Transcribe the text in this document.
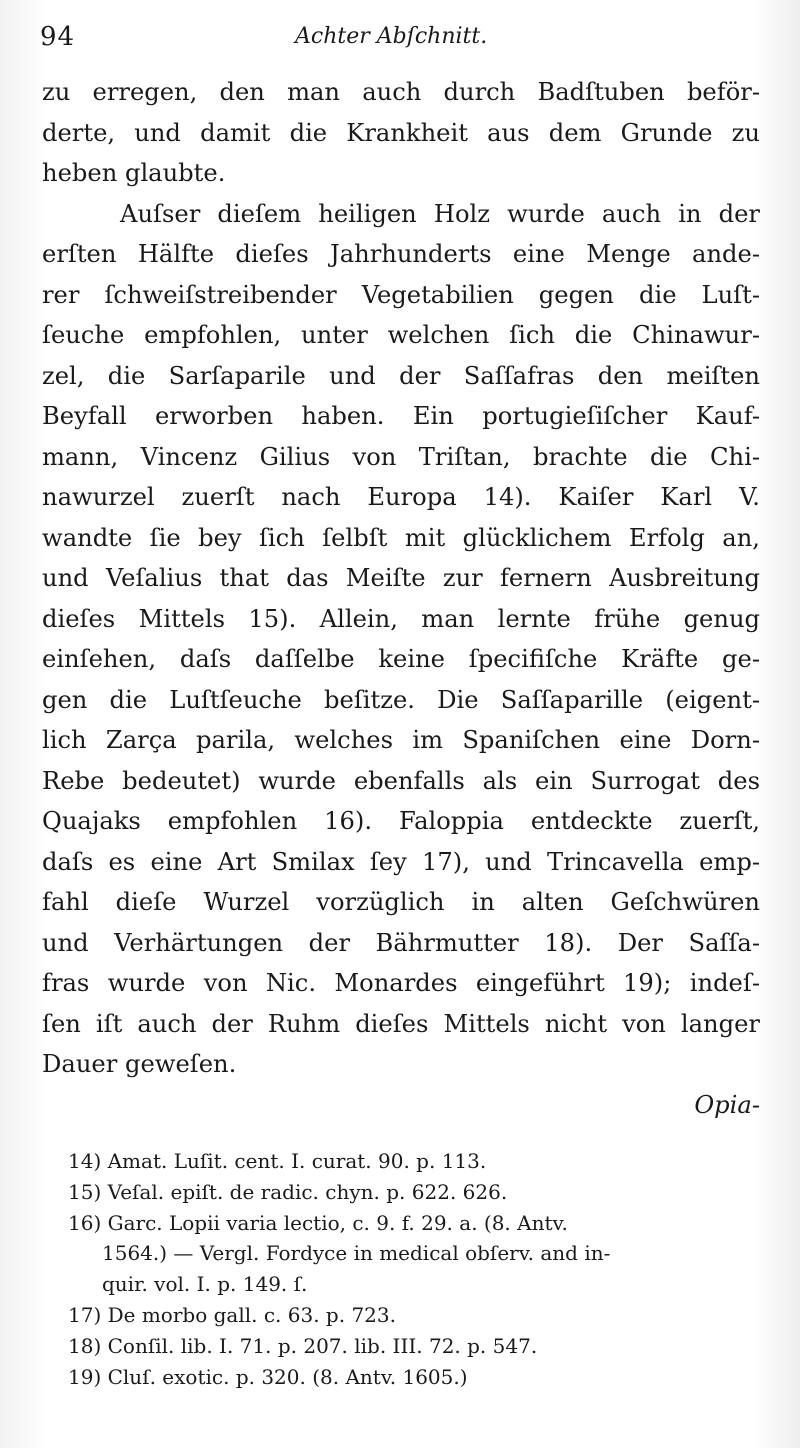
94	Achter Abſchnitt.
zu erregen, den man auch durch Badſtuben beför-
derte, und damit die Krankheit aus dem Grunde zu
heben glaubte.
Auſser dieſem heiligen Holz wurde auch in der
erſten Hälfte dieſes Jahrhunderts eine Menge ande-
rer ſchweiſstreibender Vegetabilien gegen die Luſt-
ſeuche empfohlen, unter welchen ſich die Chinawur-
zel, die Sarſaparile und der Saſſafras den meiſten
Beyfall erworben haben. Ein portugieſiſcher Kauf-
mann, Vincenz Gilius von Triſtan, brachte die Chi-
nawurzel zuerſt nach Europa 14). Kaiſer Karl V.
wandte ſie bey ſich ſelbſt mit glücklichem Erfolg an,
und Veſalius that das Meiſte zur fernern Ausbreitung
dieſes Mittels 15). Allein, man lernte frühe genug
einſehen, daſs daſſelbe keine ſpecifiſche Kräfte ge-
gen die Luſtſeuche beſitze. Die Saſſaparille (eigent-
lich Zarça parila, welches im Spaniſchen eine Dorn-
Rebe bedeutet) wurde ebenfalls als ein Surrogat des
Quajaks empfohlen 16). Faloppia entdeckte zuerſt,
daſs es eine Art Smilax ſey 17), und Trincavella emp-
fahl dieſe Wurzel vorzüglich in alten Geſchwüren
und Verhärtungen der Bährmutter 18). Der Saſſa-
fras wurde von Nic. Monardes eingeführt 19); indeſ-
ſen iſt auch der Ruhm dieſes Mittels nicht von langer
Dauer geweſen.
Opia-
14) Amat. Luſit. cent. I. curat. 90. p. 113.
15) Veſal. epiſt. de radic. chyn. p. 622. 626.
16) Garc. Lopii varia lectio, c. 9. f. 29. a. (8. Antv.
1564.) — Vergl. Fordyce in medical obſerv. and in-
quir. vol. I. p. 149. ſ.
17) De morbo gall. c. 63. p. 723.
18) Conſil. lib. I. 71. p. 207. lib. III. 72. p. 547.
19) Cluſ. exotic. p. 320. (8. Antv. 1605.)
